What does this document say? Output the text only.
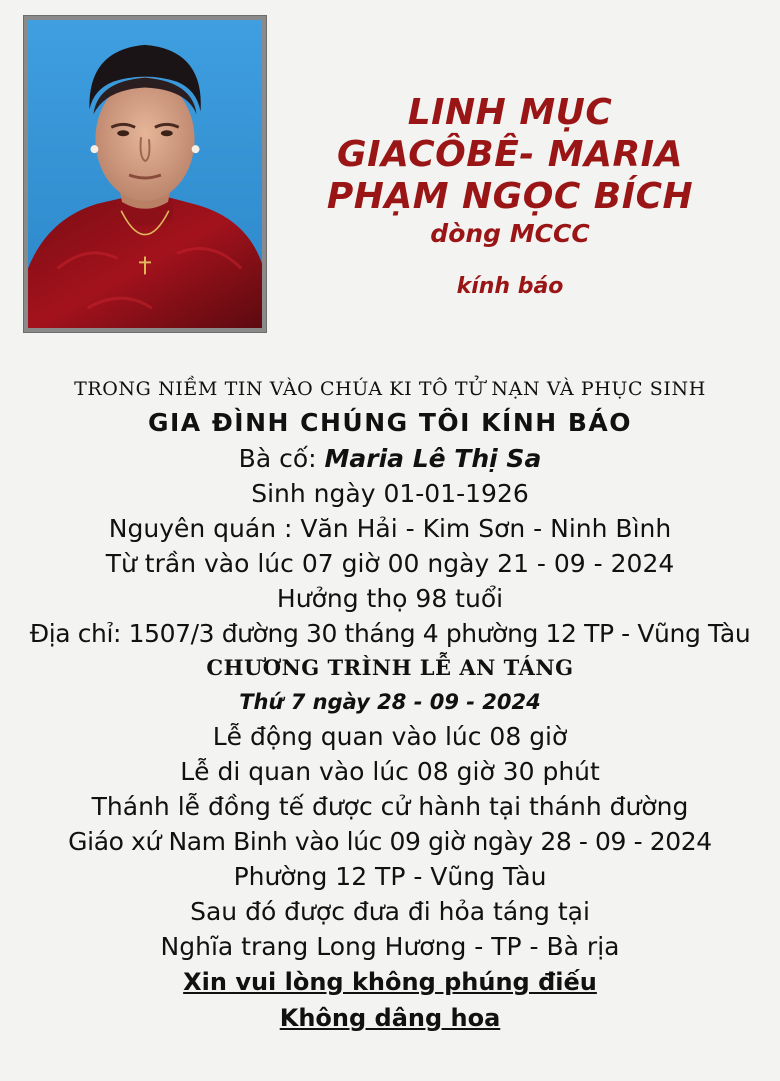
LINH MỤC
GIACÔBÊ- MARIA
PHẠM NGỌC BÍCH
dòng MCCC
kính báo
TRONG NIỀM TIN VÀO CHÚA KI TÔ TỬ NẠN VÀ PHỤC SINH
GIA ĐÌNH CHÚNG TÔI KÍNH BÁO
Bà cố: Maria Lê Thị Sa
Sinh ngày 01-01-1926
Nguyên quán : Văn Hải - Kim Sơn - Ninh Bình
Từ trần vào lúc 07 giờ 00 ngày 21 - 09 - 2024
Hưởng thọ 98 tuổi
Địa chỉ: 1507/3 đường 30 tháng 4 phường 12 TP - Vũng Tàu
CHƯƠNG TRÌNH LỄ AN TÁNG
Thứ 7 ngày 28 - 09 - 2024
Lễ động quan vào lúc 08 giờ
Lễ di quan vào lúc 08 giờ 30 phút
Thánh lễ đồng tế được cử hành tại thánh đường
Giáo xứ Nam Binh vào lúc 09 giờ ngày 28 - 09 - 2024
Phường 12 TP - Vũng Tàu
Sau đó được đưa đi hỏa táng tại
Nghĩa trang Long Hương - TP - Bà rịa
Xin vui lòng không phúng điếu
Không dâng hoa
